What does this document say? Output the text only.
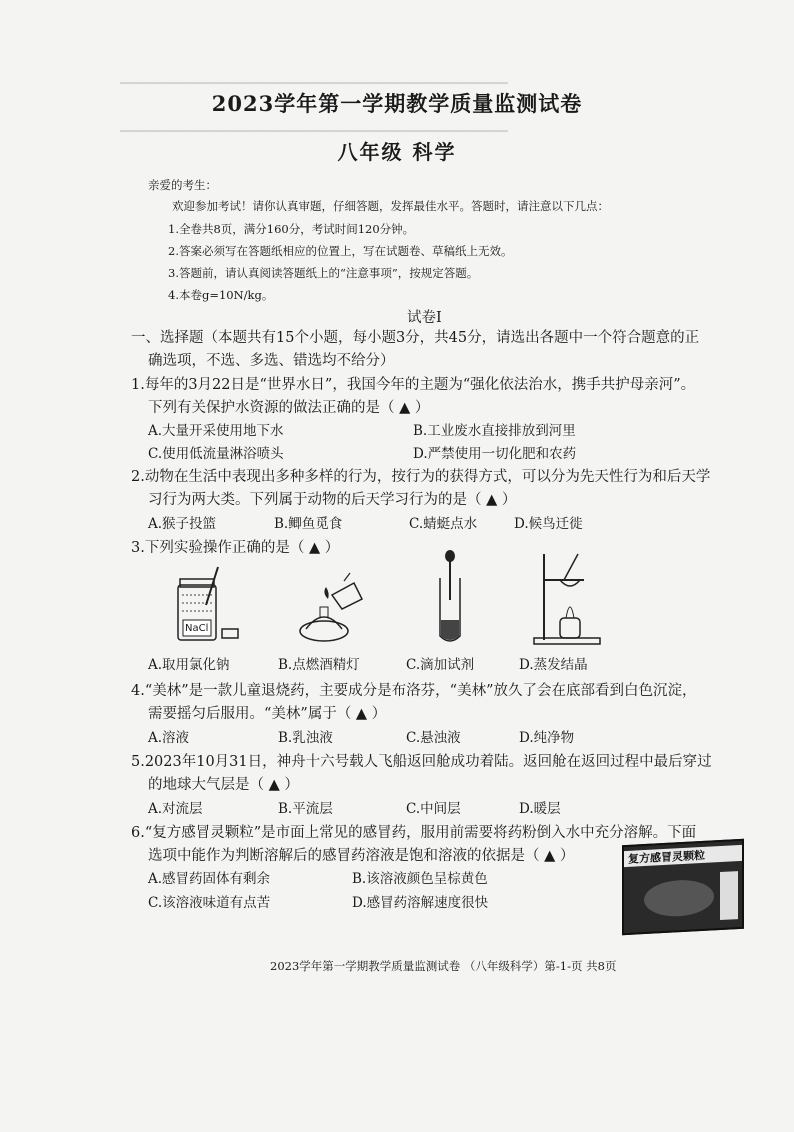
▁▁▁▁▁▁▁▁▁▁▁▁▁▁▁▁▁▁▁▁▁▁▁▁▁▁▁▁▁▁▁▁▁▁▁▁▁▁▁▁▁▁
▁▁▁▁▁▁▁▁▁▁▁▁▁▁▁▁▁▁▁▁▁▁▁▁▁▁▁▁▁▁▁▁▁▁▁▁▁▁▁▁▁▁
2023学年第一学期教学质量监测试卷
八年级 科学
亲爱的考生：
欢迎参加考试！请你认真审题，仔细答题，发挥最佳水平。答题时，请注意以下几点：
1.全卷共8页，满分160分，考试时间120分钟。
2.答案必须写在答题纸相应的位置上，写在试题卷、草稿纸上无效。
3.答题前，请认真阅读答题纸上的“注意事项”，按规定答题。
4.本卷g=10N/kg。
试卷Ⅰ
一、选择题（本题共有15个小题，每小题3分，共45分，请选出各题中一个符合题意的正
确选项，不选、多选、错选均不给分）
1.每年的3月22日是“世界水日”，我国今年的主题为“强化依法治水，携手共护母亲河”。
下列有关保护水资源的做法正确的是（ ▲ ）
A.大量开采使用地下水	B.工业废水直接排放到河里
C.使用低流量淋浴喷头	D.严禁使用一切化肥和农药
2.动物在生活中表现出多种多样的行为，按行为的获得方式，可以分为先天性行为和后天学
习行为两大类。下列属于动物的后天学习行为的是（ ▲ ）
A.猴子投篮	B.鲫鱼觅食	C.蜻蜓点水	D.候鸟迁徙
3.下列实验操作正确的是（ ▲ ）
NaCl
A.取用氯化钠	B.点燃酒精灯	C.滴加试剂	D.蒸发结晶
4.“美林”是一款儿童退烧药，主要成分是布洛芬，“美林”放久了会在底部看到白色沉淀，
需要摇匀后服用。“美林”属于（ ▲ ）
A.溶液	B.乳浊液	C.悬浊液	D.纯净物
5.2023年10月31日，神舟十六号载人飞船返回舱成功着陆。返回舱在返回过程中最后穿过
的地球大气层是（ ▲ ）
A.对流层	B.平流层	C.中间层	D.暖层
6.“复方感冒灵颗粒”是市面上常见的感冒药，服用前需要将药粉倒入水中充分溶解。下面
选项中能作为判断溶解后的感冒药溶液是饱和溶液的依据是（ ▲ ）
A.感冒药固体有剩余	B.该溶液颜色呈棕黄色
C.该溶液味道有点苦	D.感冒药溶解速度很快
复方感冒灵颗粒
2023学年第一学期教学质量监测试卷 （八年级科学）第-1-页 共8页
